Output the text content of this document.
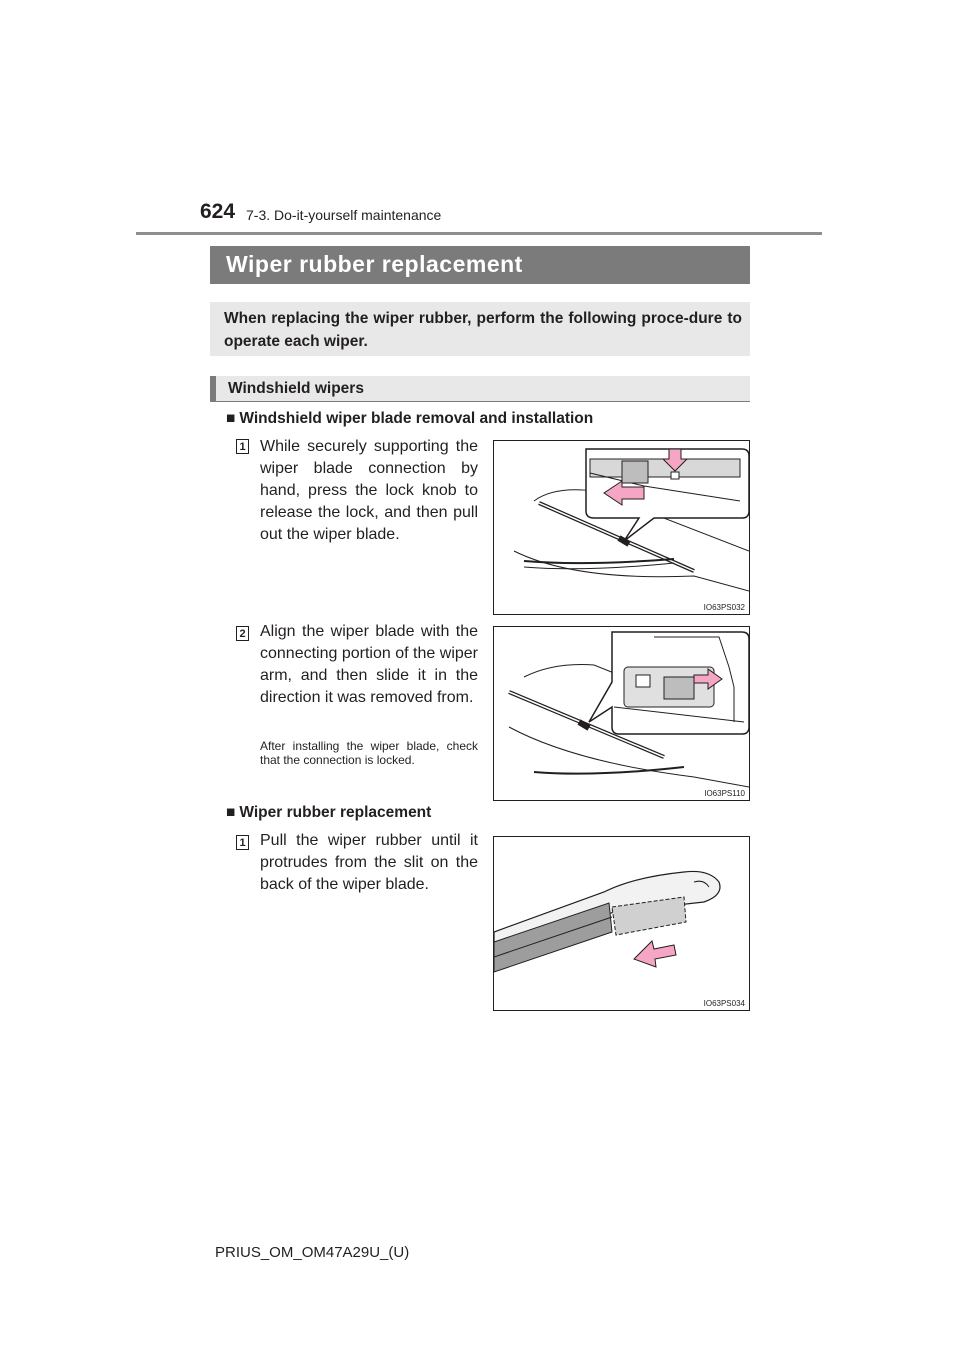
624 7-3. Do-it-yourself maintenance
Wiper rubber replacement
When replacing the wiper rubber, perform the following proce-dure to operate each wiper.
Windshield wipers
■ Windshield wiper blade removal and installation
1 While securely supporting the wiper blade connection by hand, press the lock knob to release the lock, and then pull out the wiper blade.
IO63PS032
2 Align the wiper blade with the connecting portion of the wiper arm, and then slide it in the direction it was removed from.
After installing the wiper blade, check that the connection is locked.
IO63PS110
■ Wiper rubber replacement
1 Pull the wiper rubber until it protrudes from the slit on the back of the wiper blade.
IO63PS034
PRIUS_OM_OM47A29U_(U)
